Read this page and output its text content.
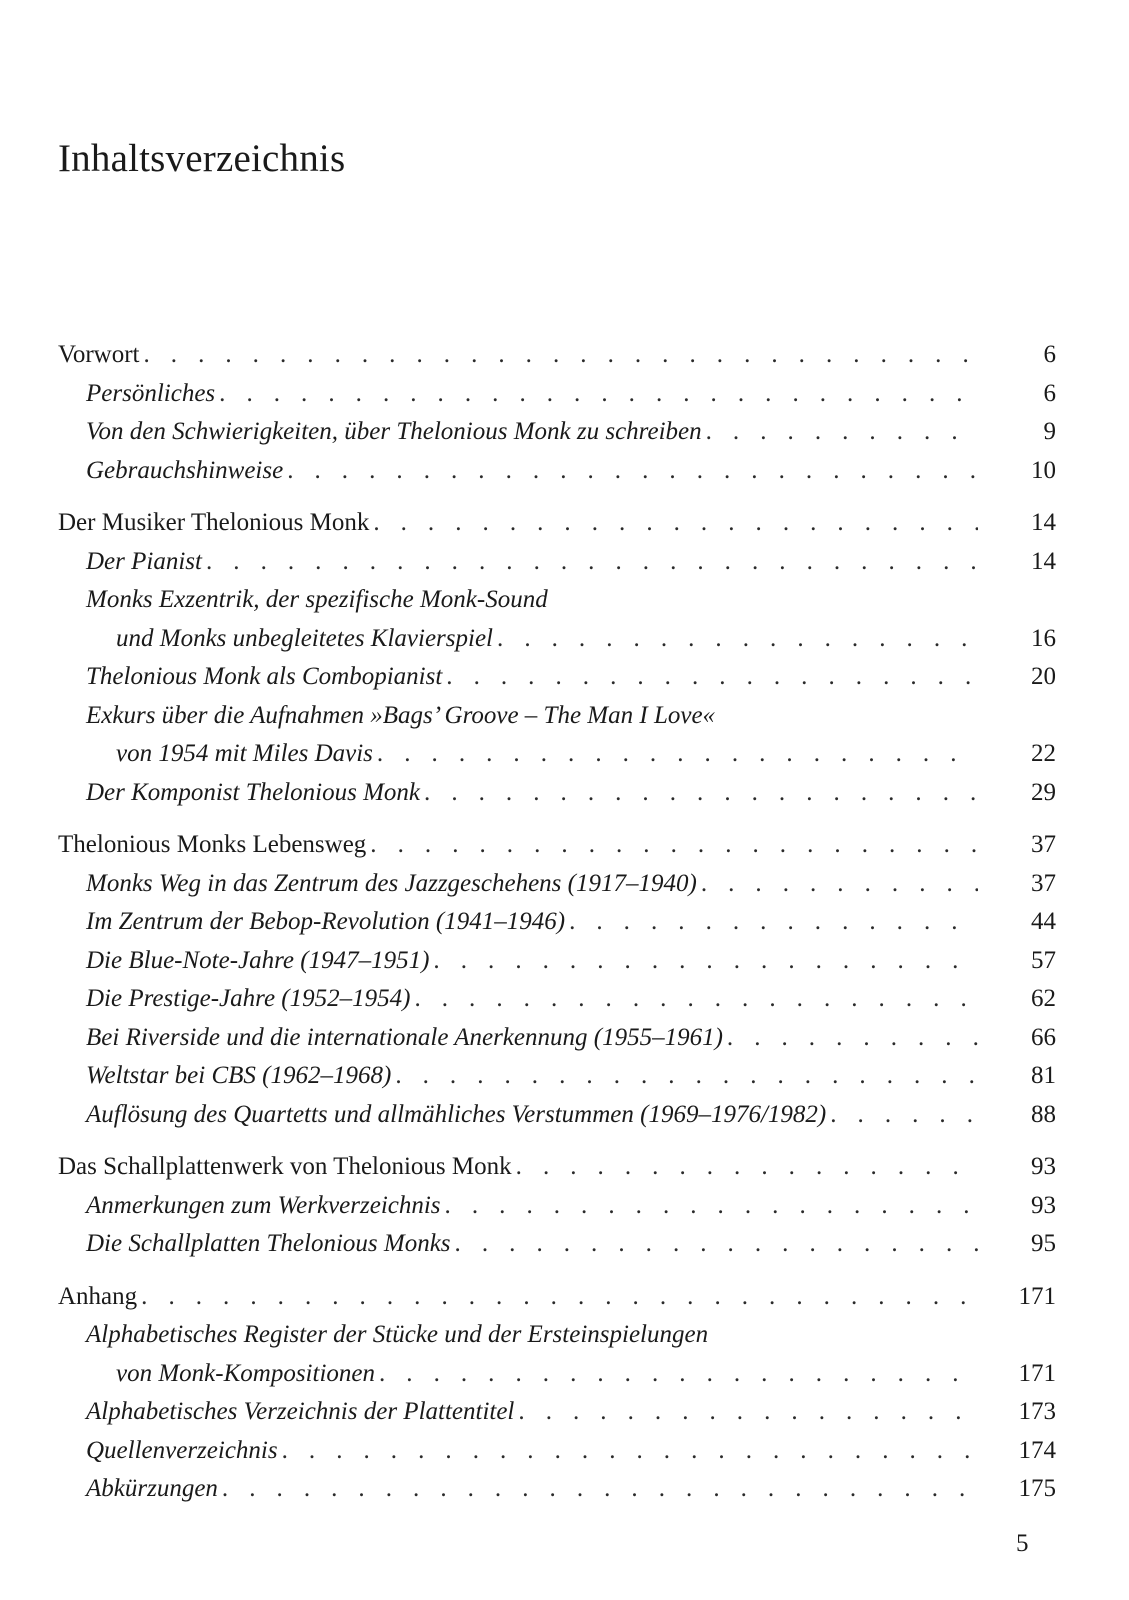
Inhaltsverzeichnis
Vorwort . . .	6
Persönliches . . .	6
Von den Schwierigkeiten, über Thelonious Monk zu schreiben . . .	9
Gebrauchshinweise . . .	10
Der Musiker Thelonious Monk . . .	14
Der Pianist . . .	14
Monks Exzentrik, der spezifische Monk-Sound
und Monks unbegleitetes Klavierspiel . . .	16
Thelonious Monk als Combopianist . . .	20
Exkurs über die Aufnahmen »Bags’ Groove – The Man I Love«
von 1954 mit Miles Davis . . .	22
Der Komponist Thelonious Monk . . .	29
Thelonious Monks Lebensweg . . .	37
Monks Weg in das Zentrum des Jazzgeschehens (1917–1940) . . .	37
Im Zentrum der Bebop-Revolution (1941–1946) . . .	44
Die Blue-Note-Jahre (1947–1951) . . .	57
Die Prestige-Jahre (1952–1954) . . .	62
Bei Riverside und die internationale Anerkennung (1955–1961) . . .	66
Weltstar bei CBS (1962–1968) . . .	81
Auflösung des Quartetts und allmähliches Verstummen (1969–1976/1982) . . .	88
Das Schallplattenwerk von Thelonious Monk . . .	93
Anmerkungen zum Werkverzeichnis . . .	93
Die Schallplatten Thelonious Monks . . .	95
Anhang . . .	171
Alphabetisches Register der Stücke und der Ersteinspielungen
von Monk-Kompositionen . . .	171
Alphabetisches Verzeichnis der Plattentitel . . .	173
Quellenverzeichnis . . .	174
Abkürzungen . . .	175
5
